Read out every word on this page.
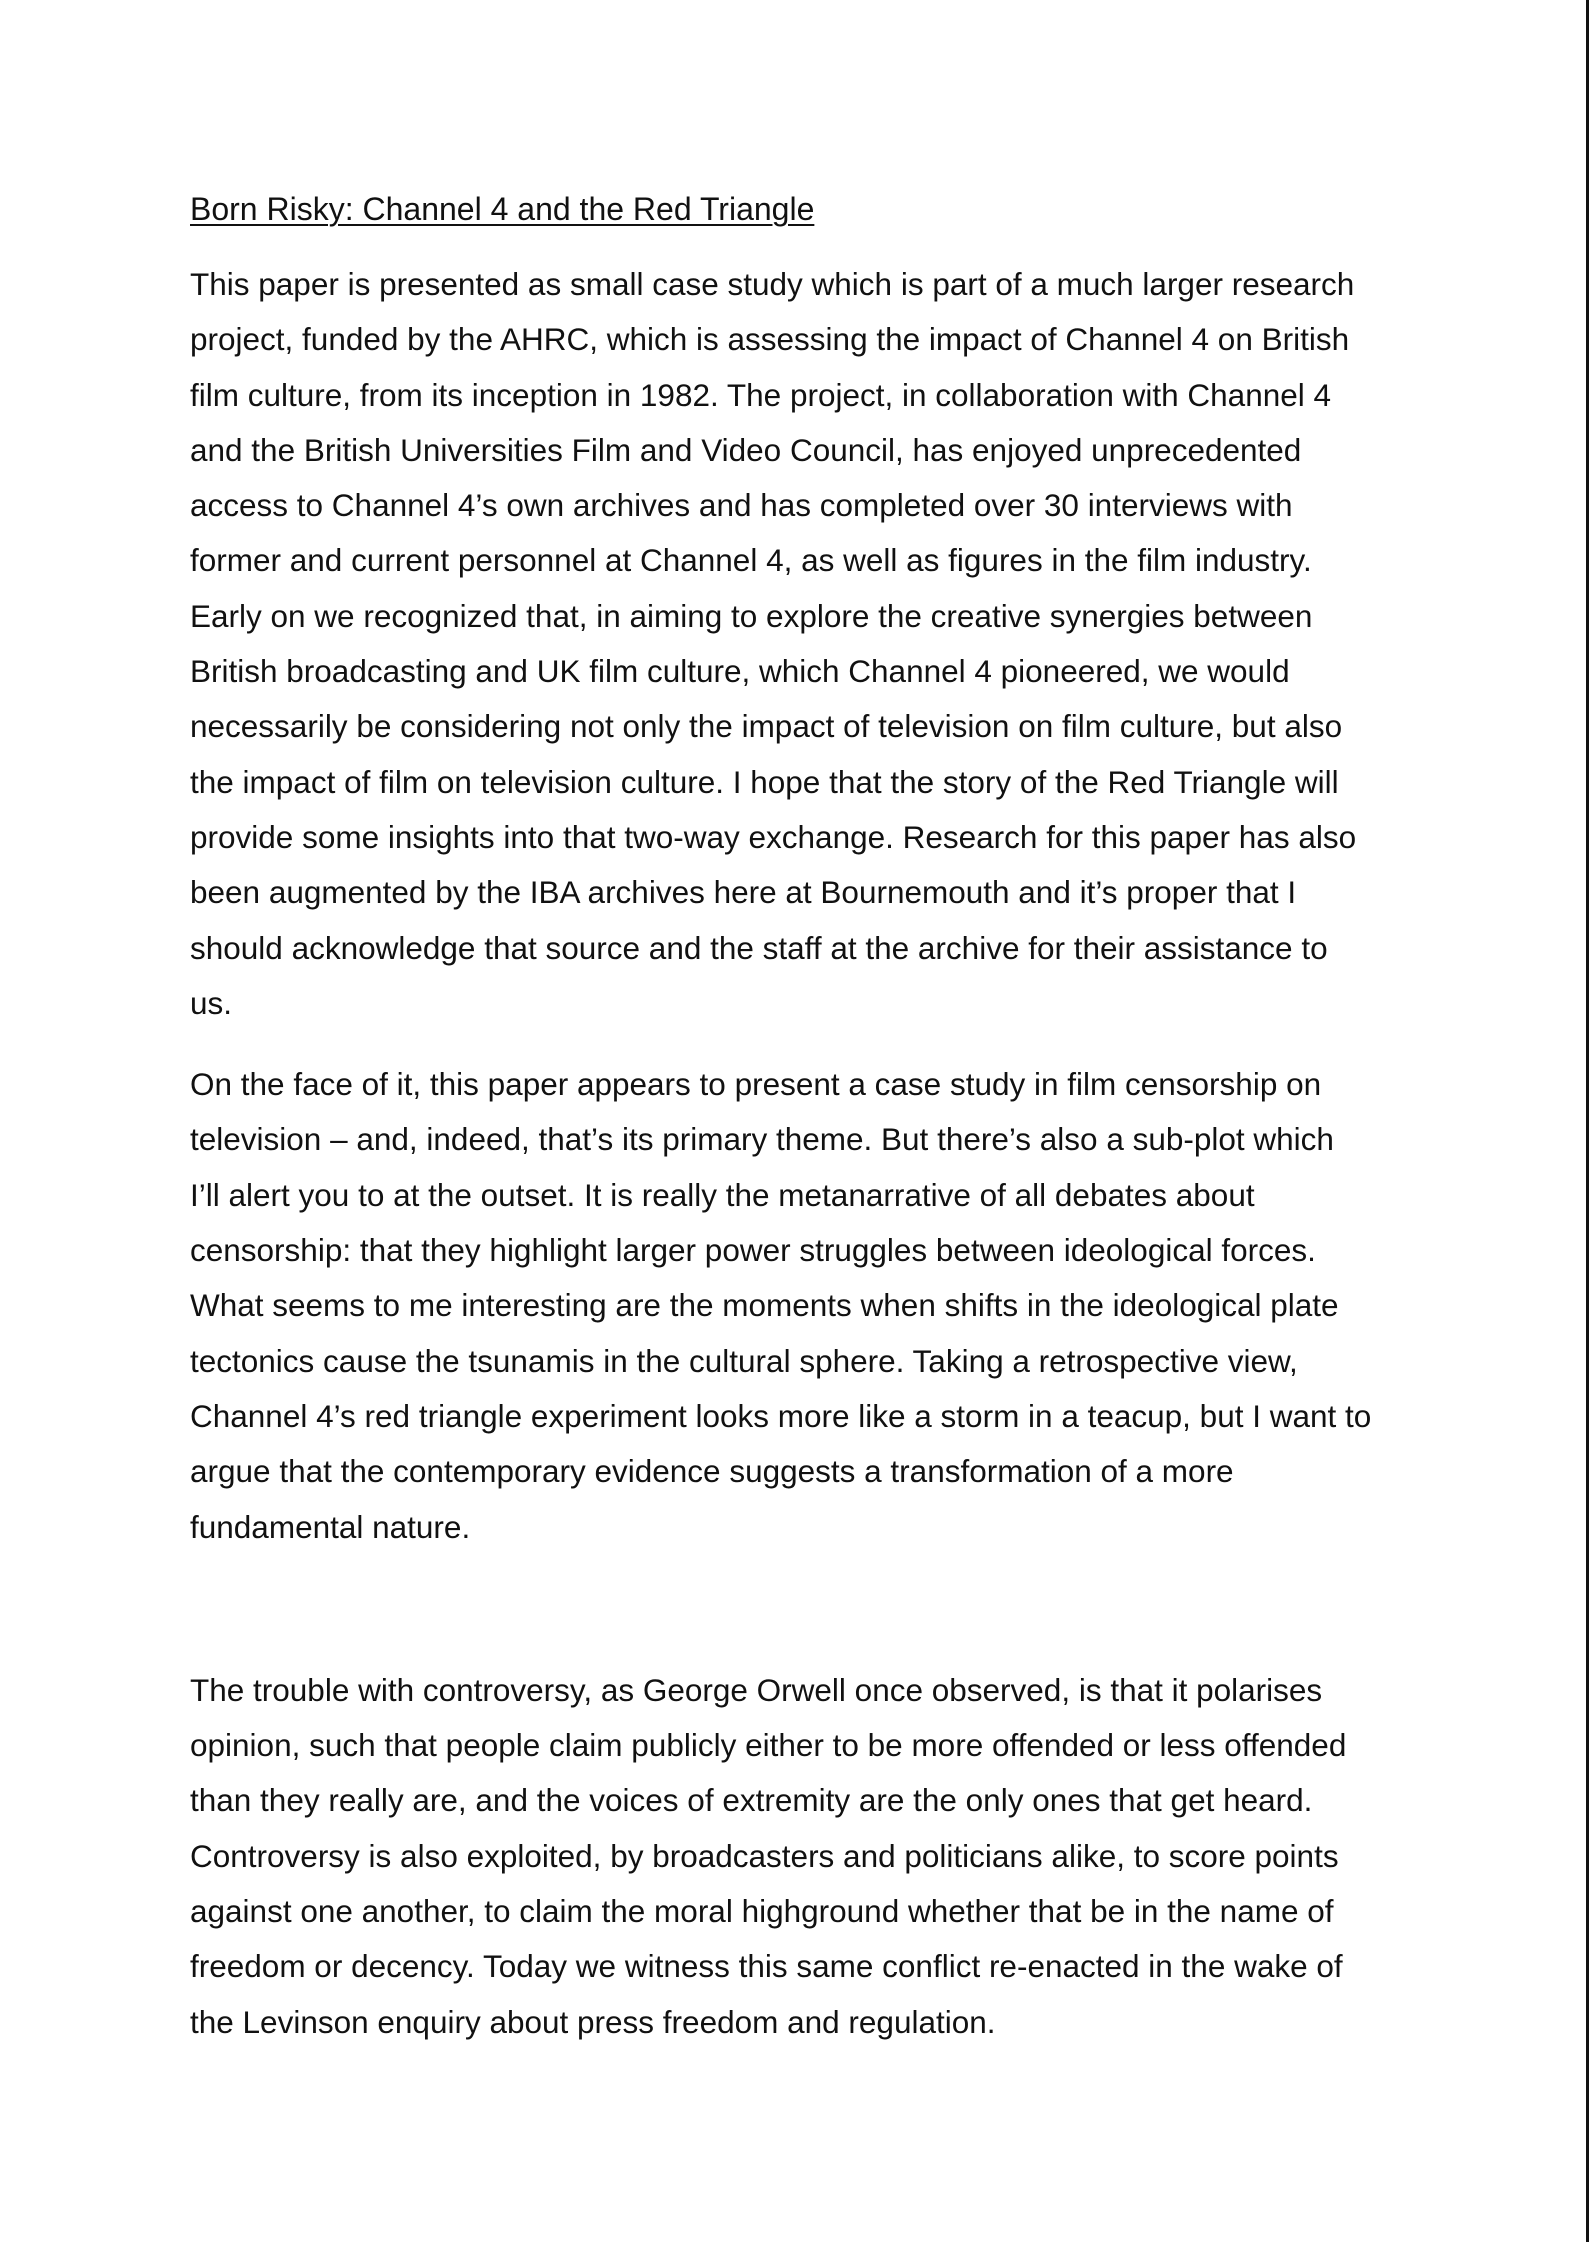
Born Risky: Channel 4 and the Red Triangle

This paper is presented as small case study which is part of a much larger research
project, funded by the AHRC, which is assessing the impact of Channel 4 on British
film culture, from its inception in 1982. The project, in collaboration with Channel 4
and the British Universities Film and Video Council, has enjoyed unprecedented
access to Channel 4’s own archives and has completed over 30 interviews with
former and current personnel at Channel 4, as well as figures in the film industry.
Early on we recognized that, in aiming to explore the creative synergies between
British broadcasting and UK film culture, which Channel 4 pioneered, we would
necessarily be considering not only the impact of television on film culture, but also
the impact of film on television culture. I hope that the story of the Red Triangle will
provide some insights into that two-way exchange. Research for this paper has also
been augmented by the IBA archives here at Bournemouth and it’s proper that I
should acknowledge that source and the staff at the archive for their assistance to
us.

On the face of it, this paper appears to present a case study in film censorship on
television – and, indeed, that’s its primary theme. But there’s also a sub-plot which
I’ll alert you to at the outset. It is really the metanarrative of all debates about
censorship: that they highlight larger power struggles between ideological forces.
What seems to me interesting are the moments when shifts in the ideological plate
tectonics cause the tsunamis in the cultural sphere. Taking a retrospective view,
Channel 4’s red triangle experiment looks more like a storm in a teacup, but I want to
argue that the contemporary evidence suggests a transformation of a more
fundamental nature.

The trouble with controversy, as George Orwell once observed, is that it polarises
opinion, such that people claim publicly either to be more offended or less offended
than they really are, and the voices of extremity are the only ones that get heard.
Controversy is also exploited, by broadcasters and politicians alike, to score points
against one another, to claim the moral highground whether that be in the name of
freedom or decency. Today we witness this same conflict re-enacted in the wake of
the Levinson enquiry about press freedom and regulation.
